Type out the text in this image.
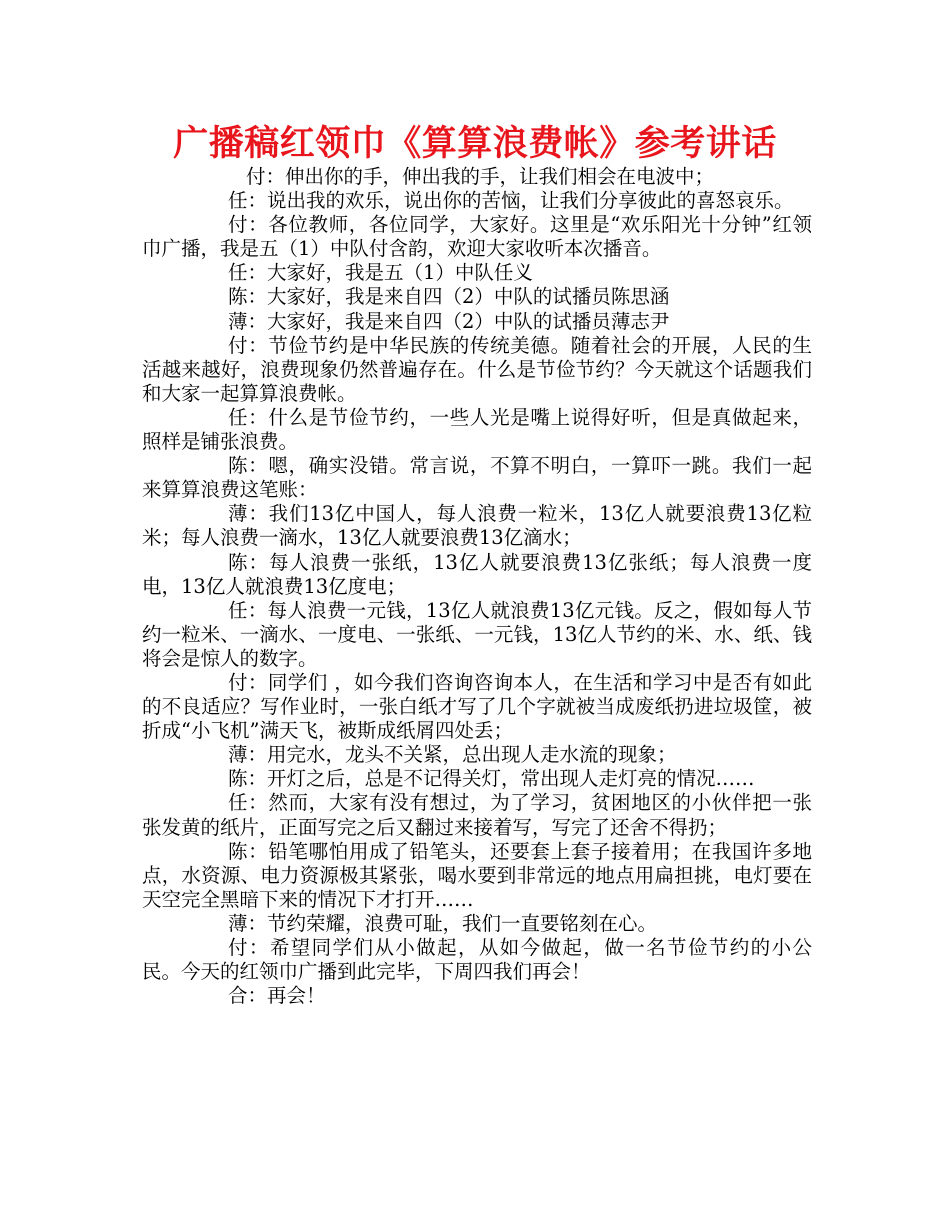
广播稿红领巾《算算浪费帐》参考讲话

付：伸出你的手，伸出我的手，让我们相会在电波中；

任：说出我的欢乐，说出你的苦恼，让我们分享彼此的喜怒哀乐。

付：各位教师，各位同学，大家好。这里是“欢乐阳光十分钟”红领巾广播，我是五（1）中队付含韵，欢迎大家收听本次播音。

任：大家好，我是五（1）中队任义

陈：大家好，我是来自四（2）中队的试播员陈思涵

薄：大家好，我是来自四（2）中队的试播员薄志尹

付：节俭节约是中华民族的传统美德。随着社会的开展，人民的生活越来越好，浪费现象仍然普遍存在。什么是节俭节约？今天就这个话题我们和大家一起算算浪费帐。

任：什么是节俭节约，一些人光是嘴上说得好听，但是真做起来，照样是铺张浪费。

陈：嗯，确实没错。常言说，不算不明白，一算吓一跳。我们一起来算算浪费这笔账：

薄：我们13亿中国人，每人浪费一粒米，13亿人就要浪费13亿粒米；每人浪费一滴水，13亿人就要浪费13亿滴水；

陈：每人浪费一张纸，13亿人就要浪费13亿张纸；每人浪费一度电，13亿人就浪费13亿度电；

任：每人浪费一元钱，13亿人就浪费13亿元钱。反之，假如每人节约一粒米、一滴水、一度电、一张纸、一元钱，13亿人节约的米、水、纸、钱将会是惊人的数字。

付：同学们 ，如今我们咨询咨询本人，在生活和学习中是否有如此的不良适应？写作业时，一张白纸才写了几个字就被当成废纸扔进垃圾筐，被折成“小飞机”满天飞，被斯成纸屑四处丢；

薄：用完水，龙头不关紧，总出现人走水流的现象；

陈：开灯之后，总是不记得关灯，常出现人走灯亮的情况……

任：然而，大家有没有想过，为了学习，贫困地区的小伙伴把一张张发黄的纸片，正面写完之后又翻过来接着写，写完了还舍不得扔；

陈：铅笔哪怕用成了铅笔头，还要套上套子接着用；在我国许多地点，水资源、电力资源极其紧张，喝水要到非常远的地点用扁担挑，电灯要在天空完全黑暗下来的情况下才打开……

薄：节约荣耀，浪费可耻，我们一直要铭刻在心。

付：希望同学们从小做起，从如今做起，做一名节俭节约的小公民。今天的红领巾广播到此完毕，下周四我们再会！

合：再会！
